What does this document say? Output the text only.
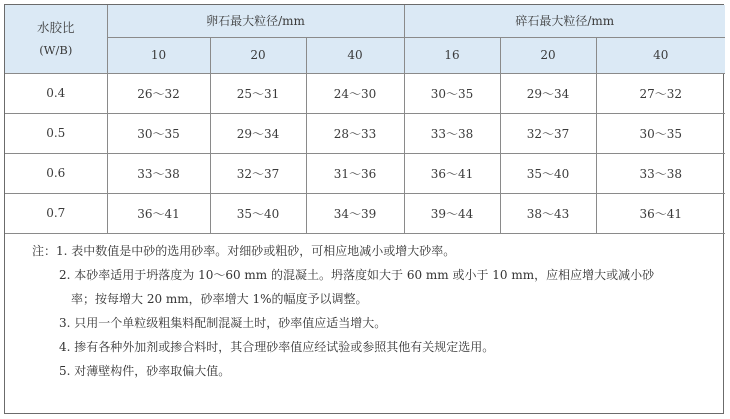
水胶比
(W/B)	卵石最大粒径/mm			碎石最大粒径/mm		
	10	20	40	16	20	40
0.4	26～32	25～31	24～30	30～35	29～34	27～32
0.5	30～35	29～34	28～33	33～38	32～37	30～35
0.6	33～38	32～37	31～36	36～41	35～40	33～38
0.7	36～41	35～40	34～39	39～44	38～43	36～41
注：1. 表中数值是中砂的选用砂率。对细砂或粗砂，可相应地减小或增大砂率。
2. 本砂率适用于坍落度为 10～60 mm 的混凝土。坍落度如大于 60 mm 或小于 10 mm，应相应增大或减小砂
率；按每增大 20 mm，砂率增大 1%的幅度予以调整。
3. 只用一个单粒级粗集料配制混凝土时，砂率值应适当增大。
4. 掺有各种外加剂或掺合料时，其合理砂率值应经试验或参照其他有关规定选用。
5. 对薄壁构件，砂率取偏大值。
